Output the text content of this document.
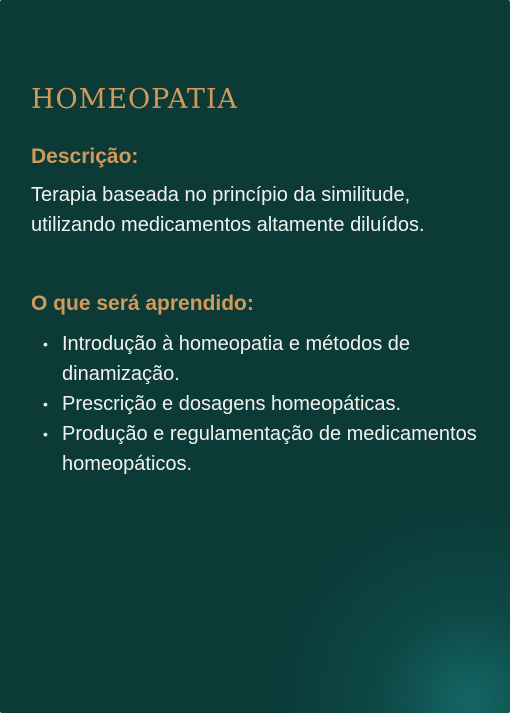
HOMEOPATIA
Descrição:

Terapia baseada no princípio da similitude, utilizando medicamentos altamente diluídos.

O que será aprendido:
• Introdução à homeopatia e métodos de dinamização.
• Prescrição e dosagens homeopáticas.
• Produção e regulamentação de medicamentos homeopáticos.
